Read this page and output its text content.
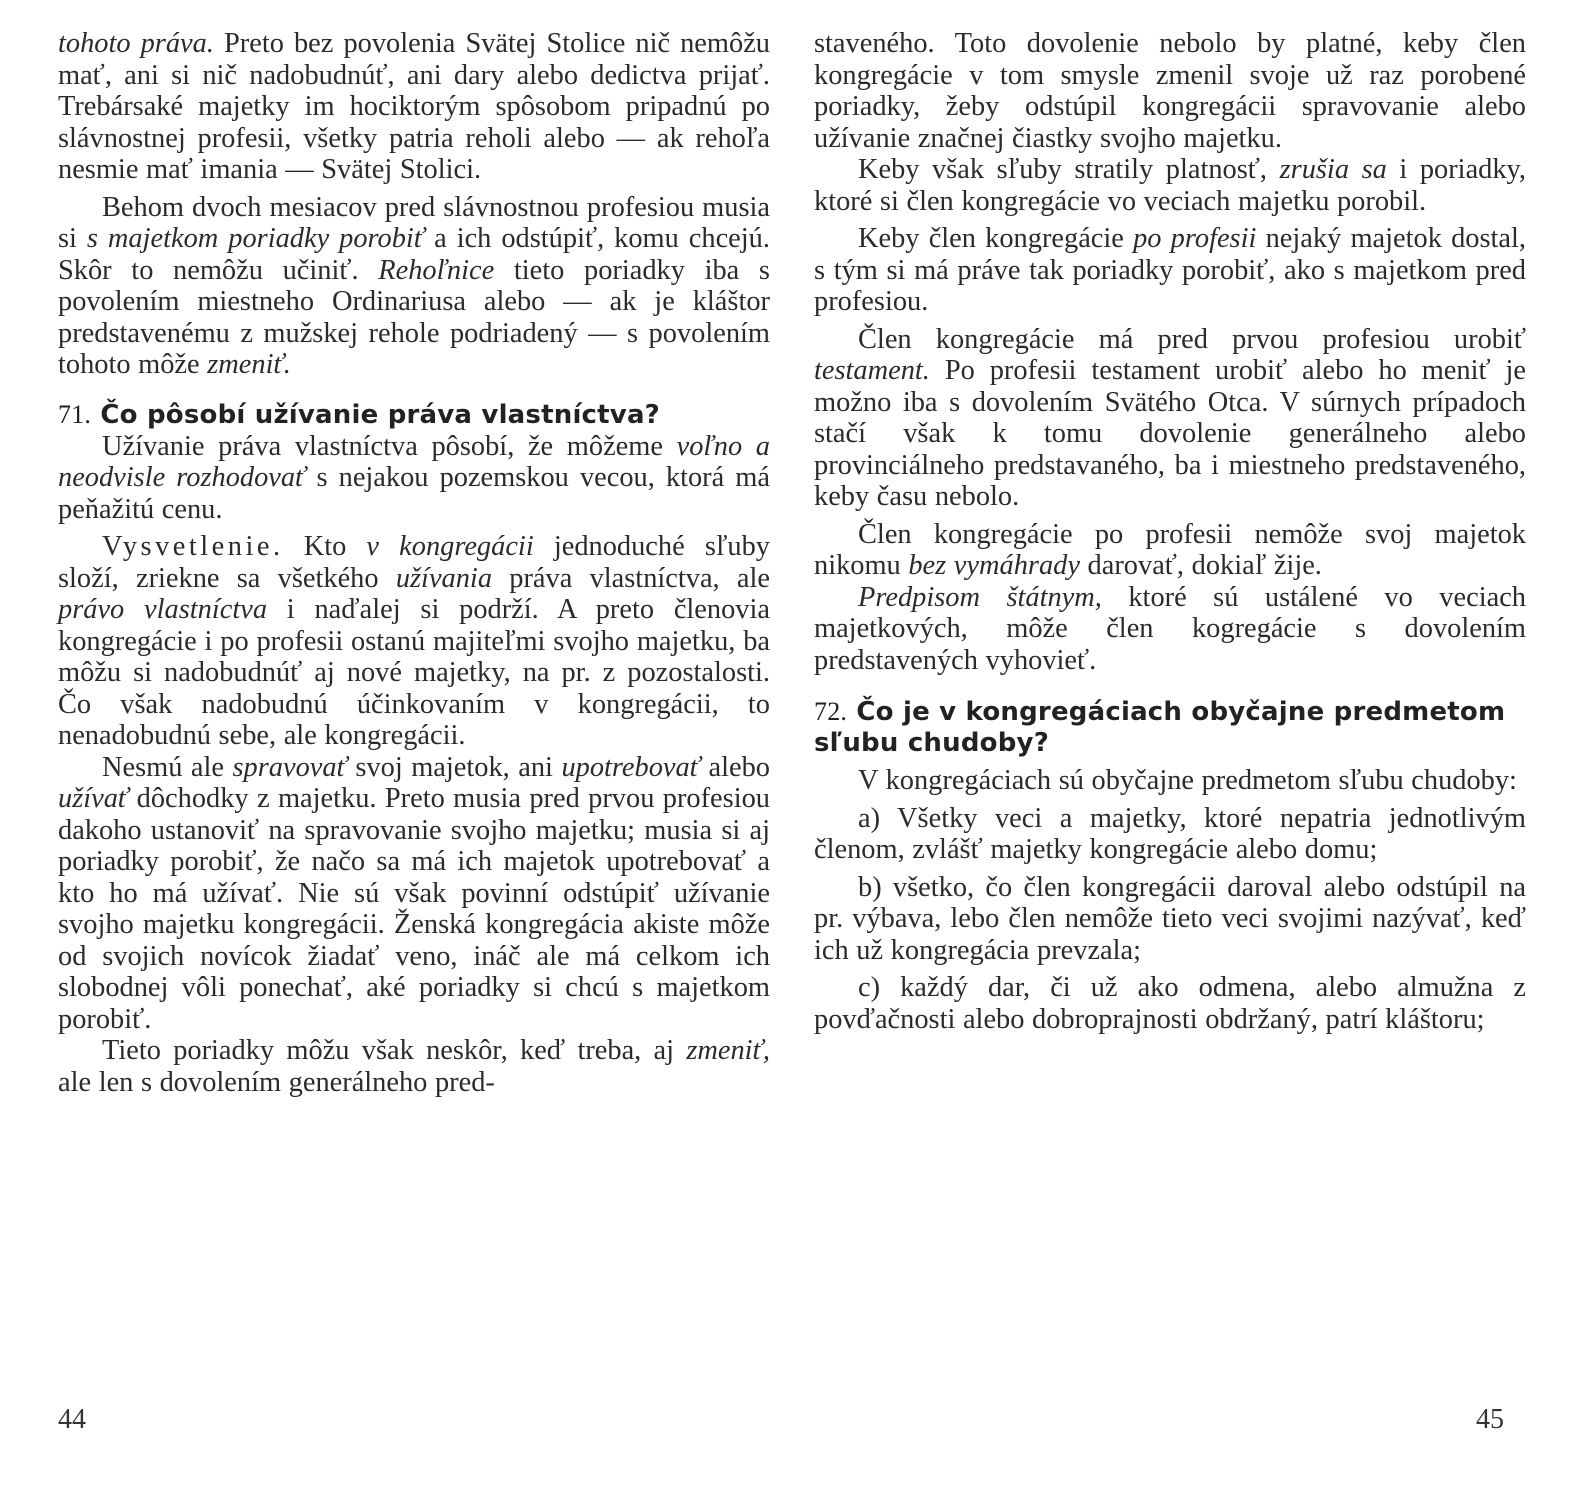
tohoto práva. Preto bez povolenia Svätej Stolice nič nemôžu mať, ani si nič nadobudnúť, ani dary alebo dedictva prijať. Trebársaké majetky im hociktorým spôsobom pripadnú po slávnostnej profesii, všetky patria reholi alebo — ak rehoľa nesmie mať imania — Svätej Stolici.

Behom dvoch mesiacov pred slávnostnou profesiou musia si s majetkom poriadky porobiť a ich odstúpiť, komu chcejú. Skôr to nemôžu učiniť. Rehoľnice tieto poriadky iba s povolením miestneho Ordinariusa alebo — ak je kláštor predstavenému z mužskej rehole podriadený — s povolením tohoto môže zmeniť.

71. Čo pôsobí užívanie práva vlastníctva?

Užívanie práva vlastníctva pôsobí, že môžeme voľno a neodvisle rozhodovať s nejakou pozemskou vecou, ktorá má peňažitú cenu.

Vysvetlenie. Kto v kongregácii jednoduché sľuby složí, zriekne sa všetkého užívania práva vlastníctva, ale právo vlastníctva i naďalej si podrží. A preto členovia kongregácie i po profesii ostanú majiteľmi svojho majetku, ba môžu si nadobudnúť aj nové majetky, na pr. z pozostalosti. Čo však nadobudnú účinkovaním v kongregácii, to nenadobudnú sebe, ale kongregácii.

Nesmú ale spravovať svoj majetok, ani upotrebovať alebo užívať dôchodky z majetku. Preto musia pred prvou profesiou dakoho ustanoviť na spravovanie svojho majetku; musia si aj poriadky porobiť, že načo sa má ich majetok upotrebovať a kto ho má užívať. Nie sú však povinní odstúpiť užívanie svojho majetku kongregácii. Ženská kongregácia akiste môže od svojich novícok žiadať veno, ináč ale má celkom ich slobodnej vôli ponechať, aké poriadky si chcú s majetkom porobiť.

Tieto poriadky môžu však neskôr, keď treba, aj zmeniť, ale len s dovolením generálneho pred-

44

staveného. Toto dovolenie nebolo by platné, keby člen kongregácie v tom smysle zmenil svoje už raz porobené poriadky, žeby odstúpil kongregácii spravovanie alebo užívanie značnej čiastky svojho majetku.

Keby však sľuby stratily platnosť, zrušia sa i poriadky, ktoré si člen kongregácie vo veciach majetku porobil.

Keby člen kongregácie po profesii nejaký majetok dostal, s tým si má práve tak poriadky porobiť, ako s majetkom pred profesiou.

Člen kongregácie má pred prvou profesiou urobiť testament. Po profesii testament urobiť alebo ho meniť je možno iba s dovolením Svätého Otca. V súrnych prípadoch stačí však k tomu dovolenie generálneho alebo provinciálneho predstavaného, ba i miestneho predstaveného, keby času nebolo.

Člen kongregácie po profesii nemôže svoj majetok nikomu bez vymáhrady darovať, dokiaľ žije.

Predpisom štátnym, ktoré sú ustálené vo veciach majetkových, môže člen kogregácie s dovolením predstavených vyhovieť.

72. Čo je v kongregáciach obyčajne predmetom sľubu chudoby?

V kongregáciach sú obyčajne predmetom sľubu chudoby:

a) Všetky veci a majetky, ktoré nepatria jednotlivým členom, zvlášť majetky kongregácie alebo domu;

b) všetko, čo člen kongregácii daroval alebo odstúpil na pr. výbava, lebo člen nemôže tieto veci svojimi nazývať, keď ich už kongregácia prevzala;

c) každý dar, či už ako odmena, alebo almužna z povďačnosti alebo dobroprajnosti obdržaný, patrí kláštoru;

45
